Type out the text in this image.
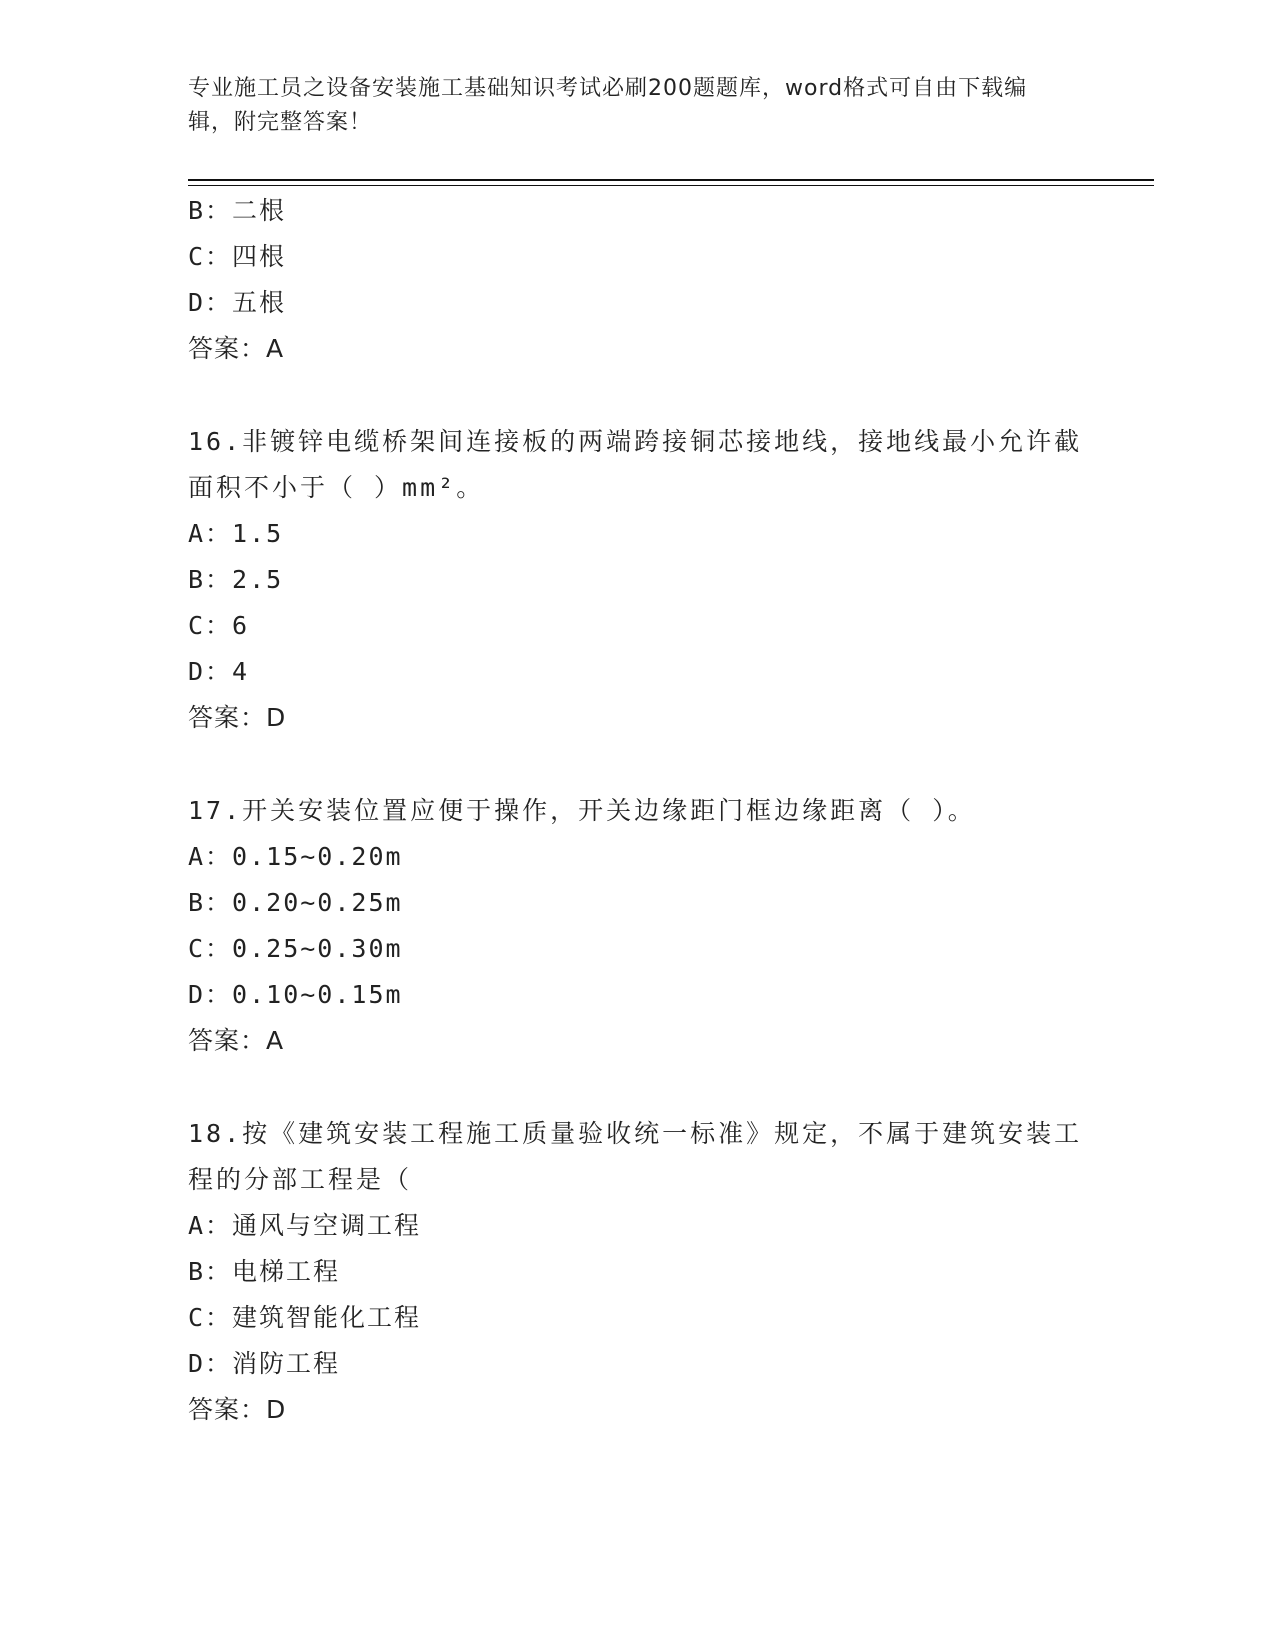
专业施工员之设备安装施工基础知识考试必刷200题题库，word格式可自由下载编辑，附完整答案！
B：二根
C：四根
D：五根
答案：A
16.非镀锌电缆桥架间连接板的两端跨接铜芯接地线，接地线最小允许截面积不小于（ ）mm²。
A：1.5
B：2.5
C：6
D：4
答案：D
17.开关安装位置应便于操作，开关边缘距门框边缘距离（ ）。
A：0.15~0.20m
B：0.20~0.25m
C：0.25~0.30m
D：0.10~0.15m
答案：A
18.按《建筑安装工程施工质量验收统一标准》规定，不属于建筑安装工程的分部工程是（
A：通风与空调工程
B：电梯工程
C：建筑智能化工程
D：消防工程
答案：D
